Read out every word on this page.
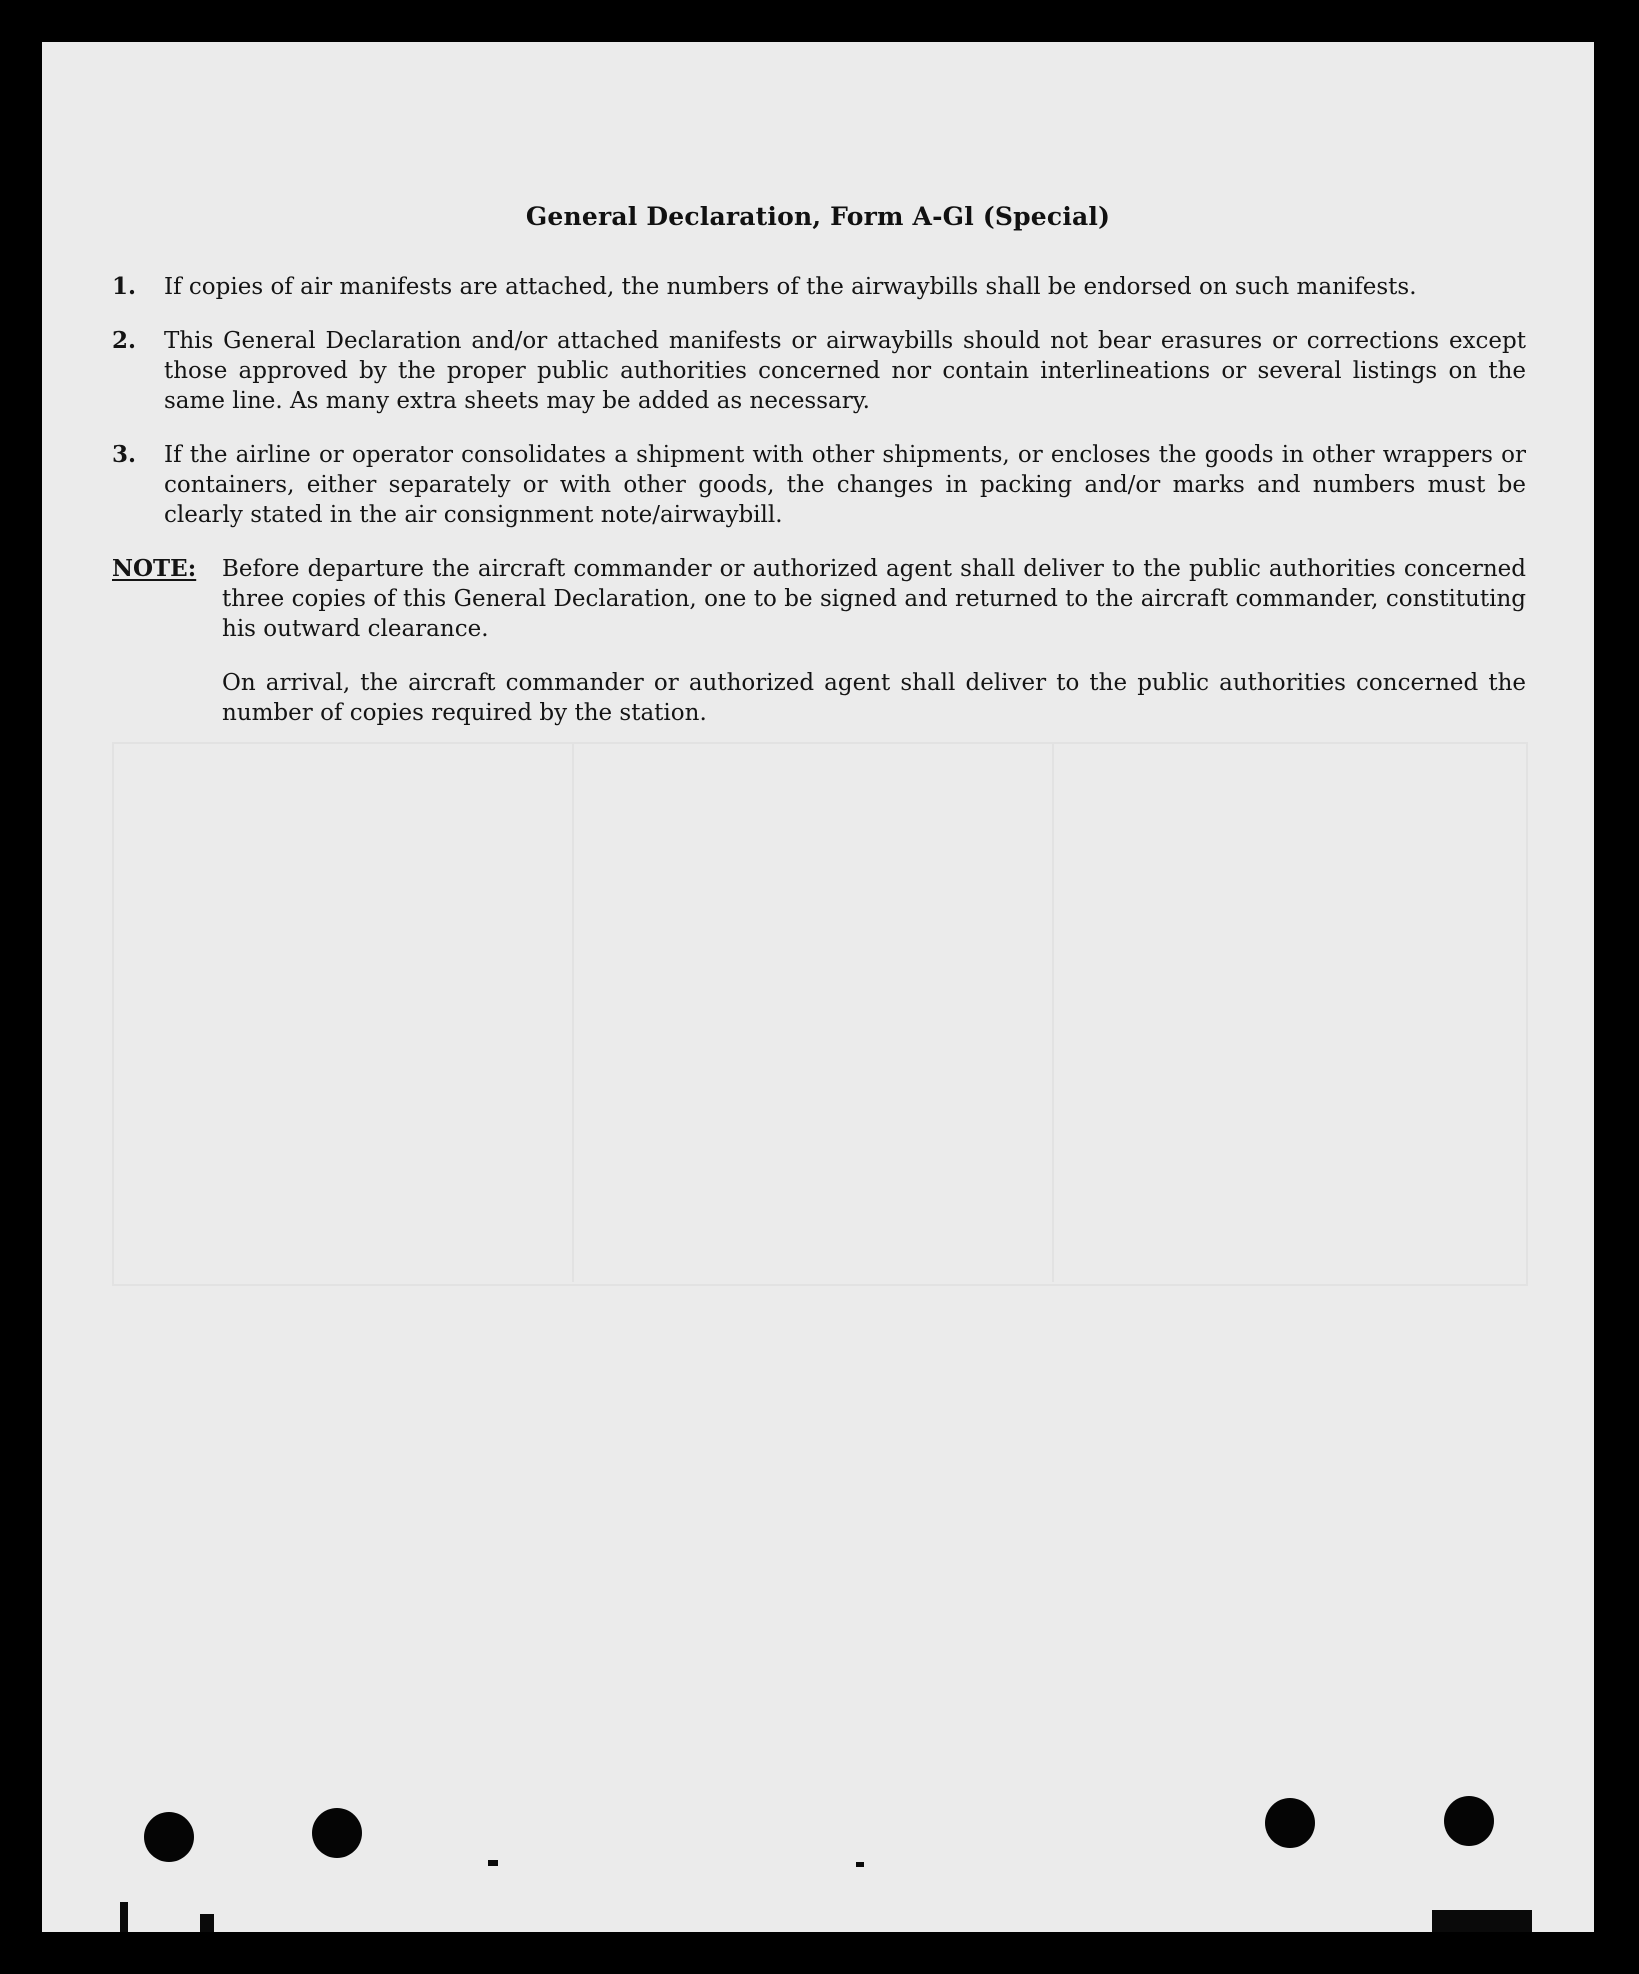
General Declaration, Form A-Gl (Special)
1.	If copies of air manifests are attached, the numbers of the airwaybills shall be endorsed on such manifests.
2.	This General Declaration and/or attached manifests or airwaybills should not bear erasures or corrections except those approved by the proper public authorities concerned nor contain interlineations or several listings on the same line. As many extra sheets may be added as necessary.
3.	If the airline or operator consolidates a shipment with other shipments, or encloses the goods in other wrappers or containers, either separately or with other goods, the changes in packing and/or marks and numbers must be clearly stated in the air consignment note/airwaybill.
NOTE:	Before departure the aircraft commander or authorized agent shall deliver to the public authorities concerned three copies of this General Declaration, one to be signed and returned to the aircraft commander, constituting his outward clearance.

On arrival, the aircraft commander or authorized agent shall deliver to the public authorities concerned the number of copies required by the station.
